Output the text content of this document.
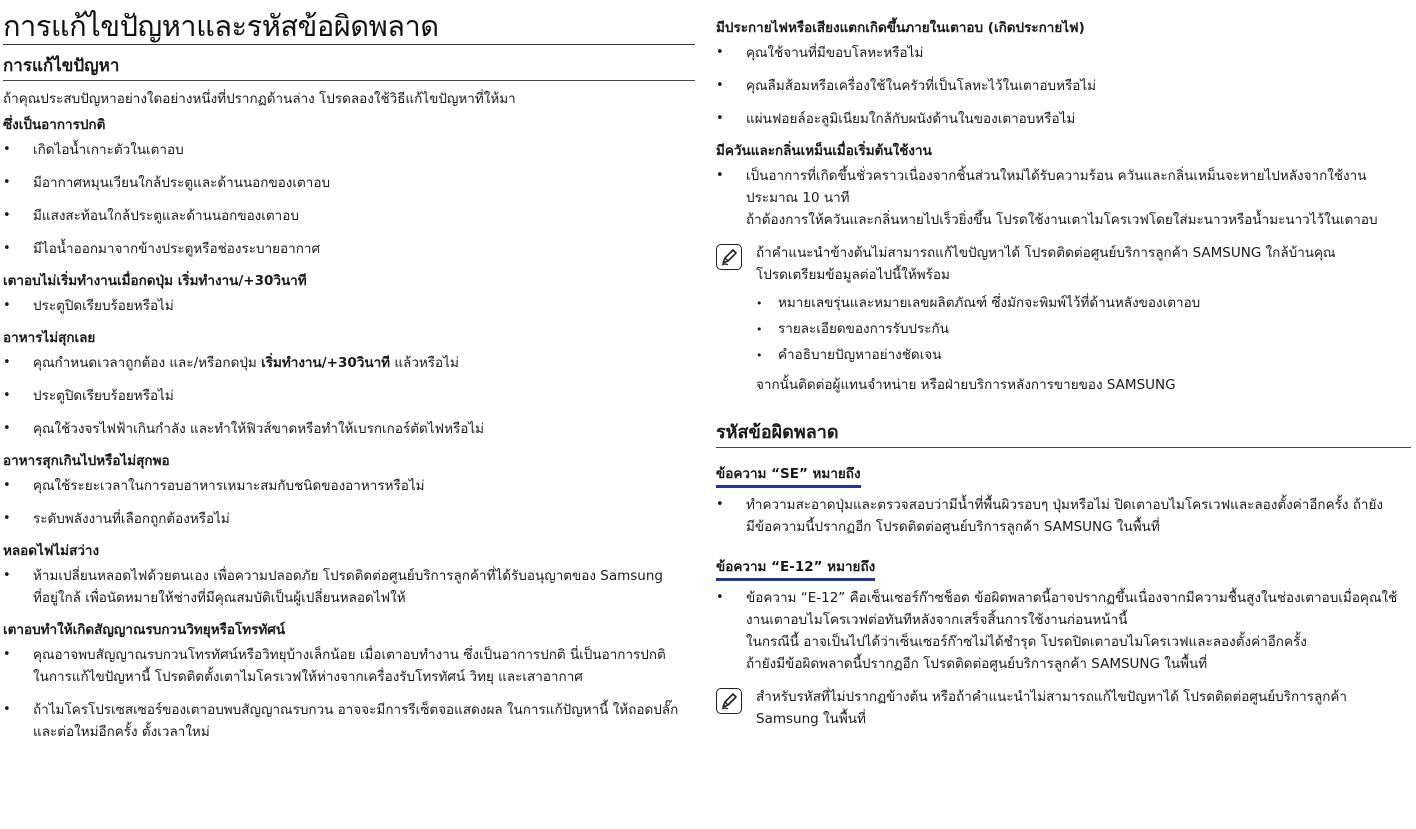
การแก้ไขปัญหาและรหัสข้อผิดพลาด
การแก้ไขปัญหา
ถ้าคุณประสบปัญหาอย่างใดอย่างหนึ่งที่ปรากฏด้านล่าง โปรดลองใช้วิธีแก้ไขปัญหาที่ให้มา
ซึ่งเป็นอาการปกติ
• เกิดไอน้ำเกาะตัวในเตาอบ
• มีอากาศหมุนเวียนใกล้ประตูและด้านนอกของเตาอบ
• มีแสงสะท้อนใกล้ประตูและด้านนอกของเตาอบ
• มีไอน้ำออกมาจากข้างประตูหรือช่องระบายอากาศ
เตาอบไม่เริ่มทำงานเมื่อกดปุ่ม เริ่มทำงาน/+30วินาที
• ประตูปิดเรียบร้อยหรือไม่
อาหารไม่สุกเลย
• คุณกำหนดเวลาถูกต้อง และ/หรือกดปุ่ม เริ่มทำงาน/+30วินาที แล้วหรือไม่
• ประตูปิดเรียบร้อยหรือไม่
• คุณใช้วงจรไฟฟ้าเกินกำลัง และทำให้ฟิวส์ขาดหรือทำให้เบรกเกอร์ตัดไฟหรือไม่
อาหารสุกเกินไปหรือไม่สุกพอ
• คุณใช้ระยะเวลาในการอบอาหารเหมาะสมกับชนิดของอาหารหรือไม่
• ระดับพลังงานที่เลือกถูกต้องหรือไม่
หลอดไฟไม่สว่าง
• ห้ามเปลี่ยนหลอดไฟด้วยตนเอง เพื่อความปลอดภัย โปรดติดต่อศูนย์บริการลูกค้าที่ได้รับอนุญาตของ Samsung
ที่อยู่ใกล้ เพื่อนัดหมายให้ช่างที่มีคุณสมบัติเป็นผู้เปลี่ยนหลอดไฟให้
เตาอบทำให้เกิดสัญญาณรบกวนวิทยุหรือโทรทัศน์
• คุณอาจพบสัญญาณรบกวนโทรทัศน์หรือวิทยุบ้างเล็กน้อย เมื่อเตาอบทำงาน ซึ่งเป็นอาการปกติ นี่เป็นอาการปกติ
ในการแก้ไขปัญหานี้ โปรดติดตั้งเตาไมโครเวฟให้ห่างจากเครื่องรับโทรทัศน์ วิทยุ และเสาอากาศ
• ถ้าไมโครโปรเซสเซอร์ของเตาอบพบสัญญาณรบกวน อาจจะมีการรีเซ็ตจอแสดงผล ในการแก้ปัญหานี้ ให้ถอดปลั๊ก
และต่อใหม่อีกครั้ง ตั้งเวลาใหม่
มีประกายไฟหรือเสียงแตกเกิดขึ้นภายในเตาอบ (เกิดประกายไฟ)
• คุณใช้จานที่มีขอบโลหะหรือไม่
• คุณลืมส้อมหรือเครื่องใช้ในครัวที่เป็นโลหะไว้ในเตาอบหรือไม่
• แผ่นฟอยล์อะลูมิเนียมใกล้กับผนังด้านในของเตาอบหรือไม่
มีควันและกลิ่นเหม็นเมื่อเริ่มต้นใช้งาน
• เป็นอาการที่เกิดขึ้นชั่วคราวเนื่องจากชิ้นส่วนใหม่ได้รับความร้อน ควันและกลิ่นเหม็นจะหายไปหลังจากใช้งาน
ประมาณ 10 นาที
ถ้าต้องการให้ควันและกลิ่นหายไปเร็วยิ่งขึ้น โปรดใช้งานเตาไมโครเวฟโดยใส่มะนาวหรือน้ำมะนาวไว้ในเตาอบ
ถ้าคำแนะนำข้างต้นไม่สามารถแก้ไขปัญหาได้ โปรดติดต่อศูนย์บริการลูกค้า SAMSUNG ใกล้บ้านคุณ
โปรดเตรียมข้อมูลต่อไปนี้ให้พร้อม
• หมายเลขรุ่นและหมายเลขผลิตภัณฑ์ ซึ่งมักจะพิมพ์ไว้ที่ด้านหลังของเตาอบ
• รายละเอียดของการรับประกัน
• คำอธิบายปัญหาอย่างชัดเจน
จากนั้นติดต่อผู้แทนจำหน่าย หรือฝ่ายบริการหลังการขายของ SAMSUNG
รหัสข้อผิดพลาด
ข้อความ “SE” หมายถึง
• ทำความสะอาดปุ่มและตรวจสอบว่ามีน้ำที่พื้นผิวรอบๆ ปุ่มหรือไม่ ปิดเตาอบไมโครเวฟและลองตั้งค่าอีกครั้ง ถ้ายัง
มีข้อความนี้ปรากฏอีก โปรดติดต่อศูนย์บริการลูกค้า SAMSUNG ในพื้นที่
ข้อความ “E-12” หมายถึง
• ข้อความ “E-12” คือเซ็นเซอร์ก๊าซช็อต ข้อผิดพลาดนี้อาจปรากฏขึ้นเนื่องจากมีความชื้นสูงในช่องเตาอบเมื่อคุณใช้
งานเตาอบไมโครเวฟต่อทันทีหลังจากเสร็จสิ้นการใช้งานก่อนหน้านี้
ในกรณีนี้ อาจเป็นไปได้ว่าเซ็นเซอร์ก๊าซไม่ได้ชำรุด โปรดปิดเตาอบไมโครเวฟและลองตั้งค่าอีกครั้ง
ถ้ายังมีข้อผิดพลาดนี้ปรากฏอีก โปรดติดต่อศูนย์บริการลูกค้า SAMSUNG ในพื้นที่
สำหรับรหัสที่ไม่ปรากฏข้างต้น หรือถ้าคำแนะนำไม่สามารถแก้ไขปัญหาได้ โปรดติดต่อศูนย์บริการลูกค้า
Samsung ในพื้นที่
